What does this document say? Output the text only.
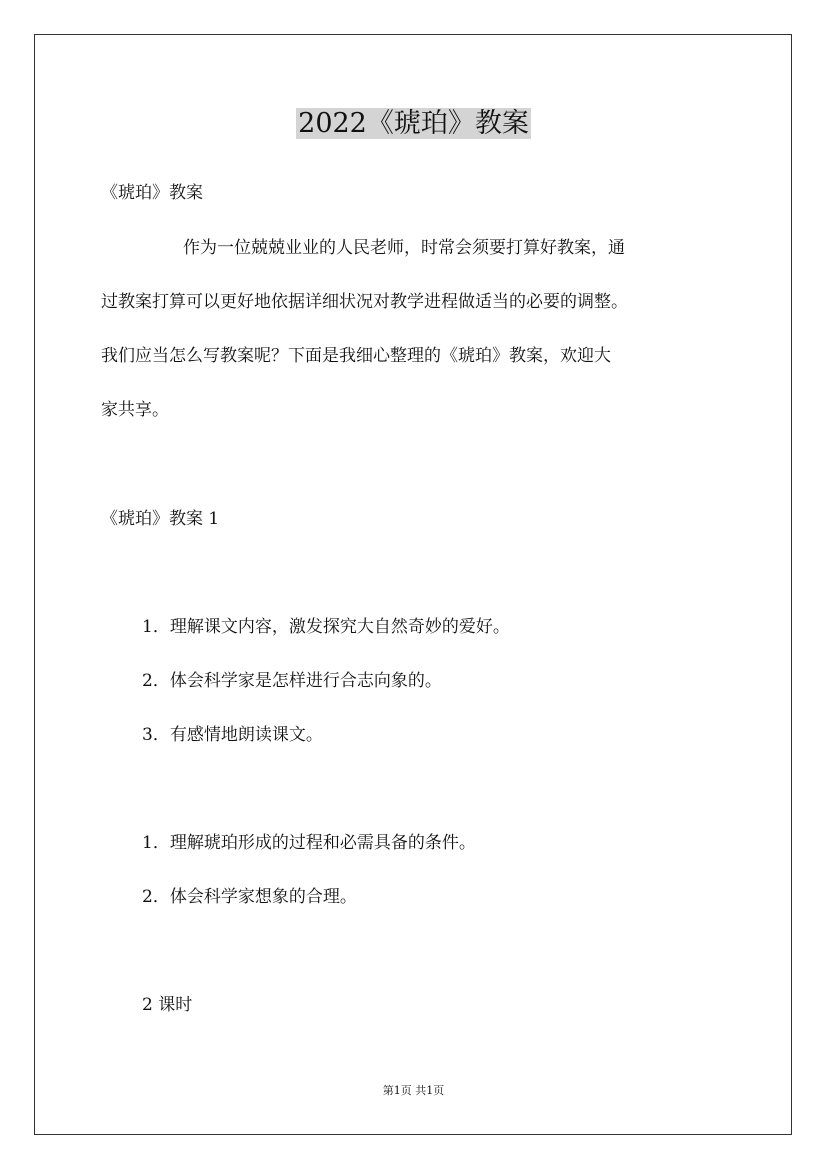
2022《琥珀》教案

《琥珀》教案

作为一位兢兢业业的人民老师，时常会须要打算好教案，通

过教案打算可以更好地依据详细状况对教学进程做适当的必要的调整。

我们应当怎么写教案呢？下面是我细心整理的《琥珀》教案，欢迎大

家共享。

《琥珀》教案 1

1．理解课文内容，激发探究大自然奇妙的爱好。

2．体会科学家是怎样进行合志向象的。

3．有感情地朗读课文。

1．理解琥珀形成的过程和必需具备的条件。

2．体会科学家想象的合理。

2 课时

第1页 共1页
